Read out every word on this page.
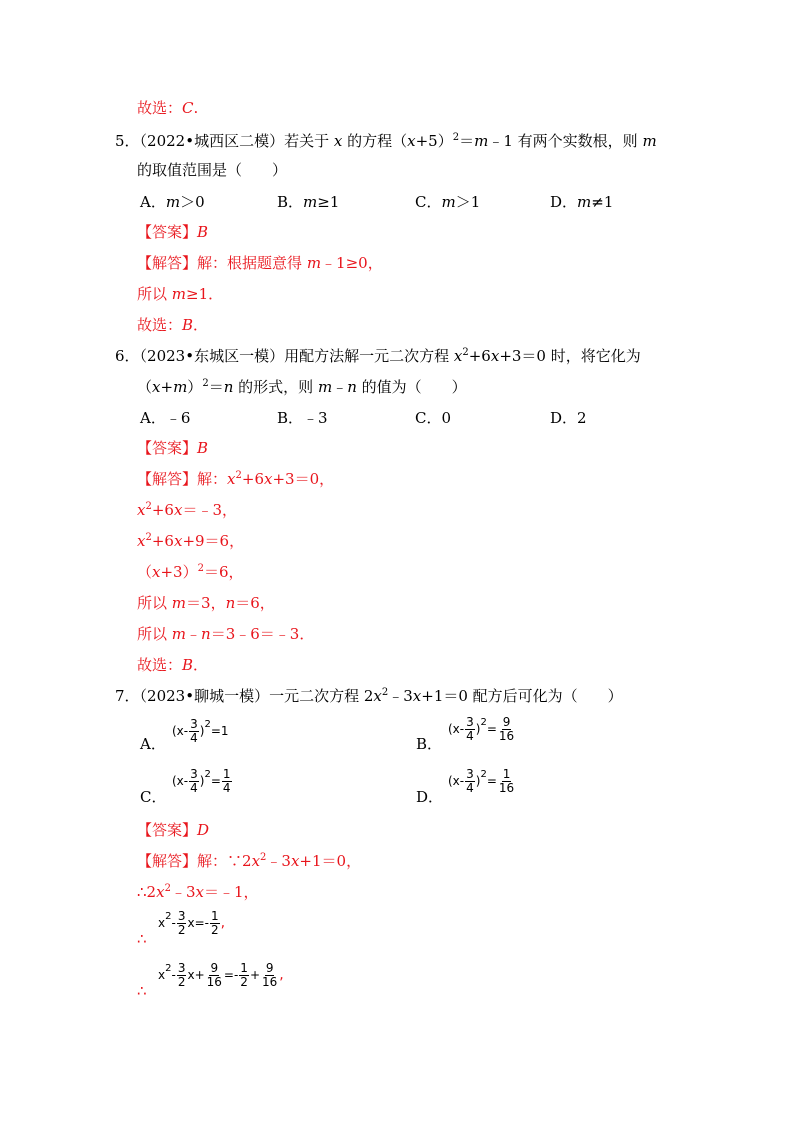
故选：C.
5．（2022•城西区二模）若关于 x 的方程$(x+5)^2=m﹣1$ 有两个实数根，则 m
的取值范围是（　　）
A．m＞0	B．m≥1	C．m＞1	D．m≠1
【答案】B
【解答】解：根据题意得 m﹣1≥0，
所以 m≥1．
故选：B．
6．（2023•东城区一模）用配方法解一元二次方程 $x^2+6x+3=0$ 时，将它化为
$(x+m)^2=n$ 的形式，则 m﹣n 的值为（　　）
A．﹣6	B．﹣3	C．0	D．2
【答案】B
【解答】解：$x^2+6x+3=0$，
$x^2+6x=﹣3$，
$x^2+6x+9=6$，
$(x+3)^2=6$，
所以 m＝3，n＝6，
所以 m﹣n＝3﹣6＝﹣3．
故选：B．
7．（2023•聊城一模）一元二次方程 $2x^2﹣3x+1=0$ 配方后可化为（　　）
A．
$(x- \frac{3}{4} )^2=1$
B．
$(x- \frac{3}{4} )^2= \frac{9}{16}$
C．
$(x- \frac{3}{4} )^2= \frac{1}{4}$
D．
$(x- \frac{3}{4} )^2= \frac{1}{16}$
【答案】D
【解答】解：$\because 2x^2﹣3x+1=0$，
$\therefore 2x^2﹣3x=﹣1$，
∴
$x^2- \frac{3}{2} x=- \frac{1}{2}$ ,
∴
$x^2- \frac{3}{2} x+ \frac{9}{16} =- \frac{1}{2} + \frac{9}{16}$ ,
